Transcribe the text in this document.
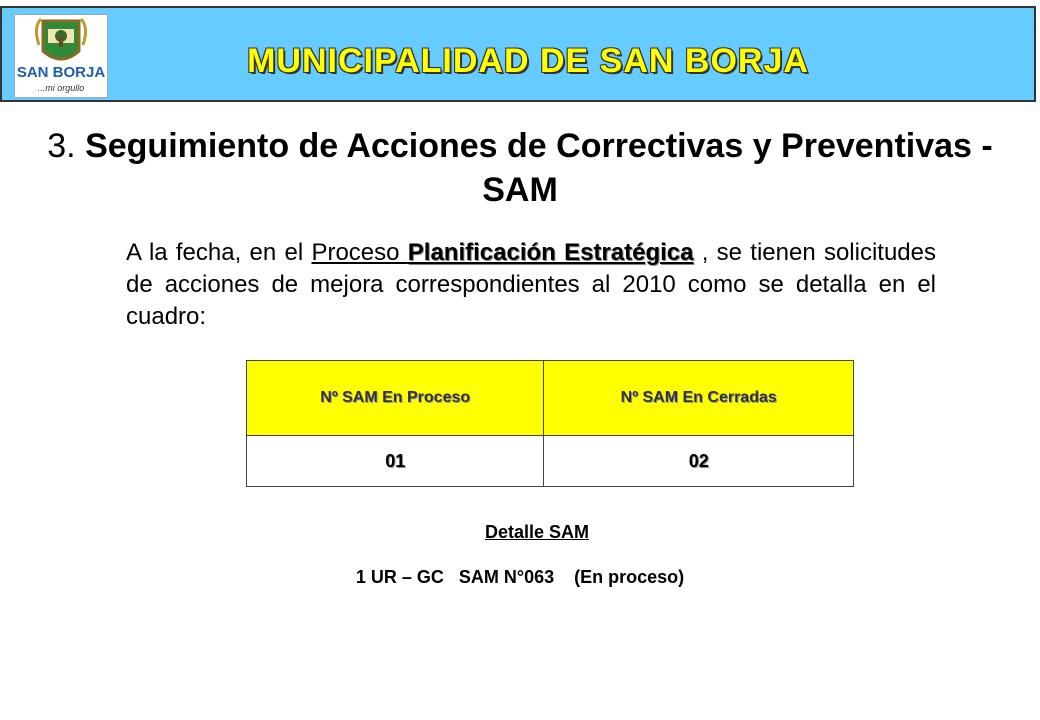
SAN BORJA
...mi orgullo
MUNICIPALIDAD DE SAN BORJA
3. Seguimiento de Acciones de Correctivas y Preventivas - SAM
A la fecha, en el Proceso Planificación Estratégica , se tienen solicitudes de acciones de mejora correspondientes al 2010 como se detalla en el cuadro:
Nº SAM En Proceso	Nº SAM En Cerradas
01	02
Detalle SAM
1 UR – GC   SAM N°063    (En proceso)
